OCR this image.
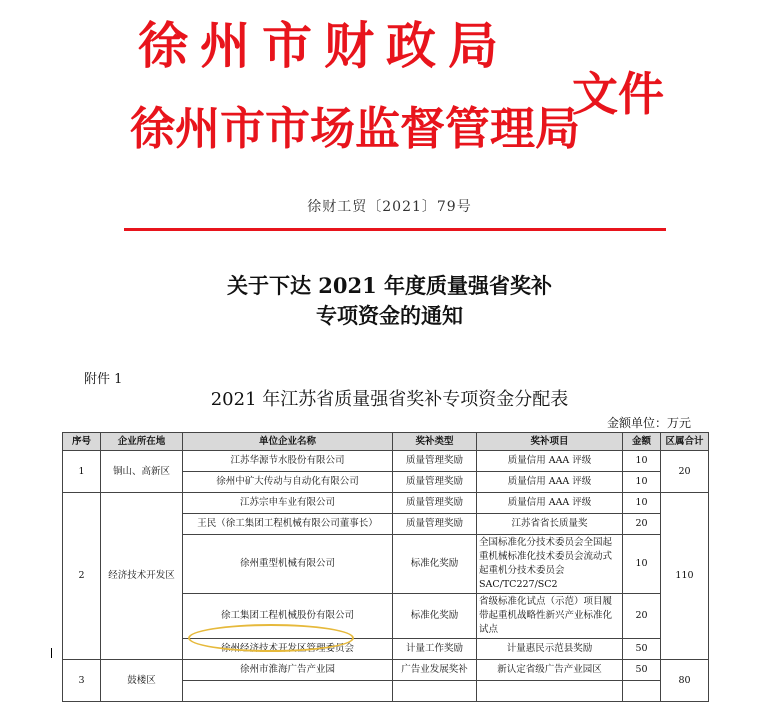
徐州市财政局
徐州市市场监督管理局
文件
徐财工贸〔2021〕79号
关于下达 2021 年度质量强省奖补
专项资金的通知
附件 1
2021 年江苏省质量强省奖补专项资金分配表
金额单位：万元
序号	企业所在地	单位企业名称	奖补类型	奖补项目	金额	区属合计
1	铜山、高新区	江苏华源节水股份有限公司	质量管理奖励	质量信用 AAA 评级	10	20
		徐州中矿大传动与自动化有限公司	质量管理奖励	质量信用 AAA 评级	10	
2	经济技术开发区	江苏宗申车业有限公司	质量管理奖励	质量信用 AAA 评级	10	110
		王民（徐工集团工程机械有限公司董事长）	质量管理奖励	江苏省省长质量奖	20	
		徐州重型机械有限公司	标准化奖励	全国标准化分技术委员会全国起重机械标准化技术委员会流动式起重机分技术委员会 SAC/TC227/SC2	10	
		徐工集团工程机械股份有限公司	标准化奖励	省级标准化试点（示范）项目履带起重机战略性新兴产业标准化试点	20	
		徐州经济技术开发区管理委员会	计量工作奖励	计量惠民示范县奖励	50	
3	鼓楼区	徐州市淮海广告产业园	广告业发展奖补	新认定省级广告产业园区	50	80
